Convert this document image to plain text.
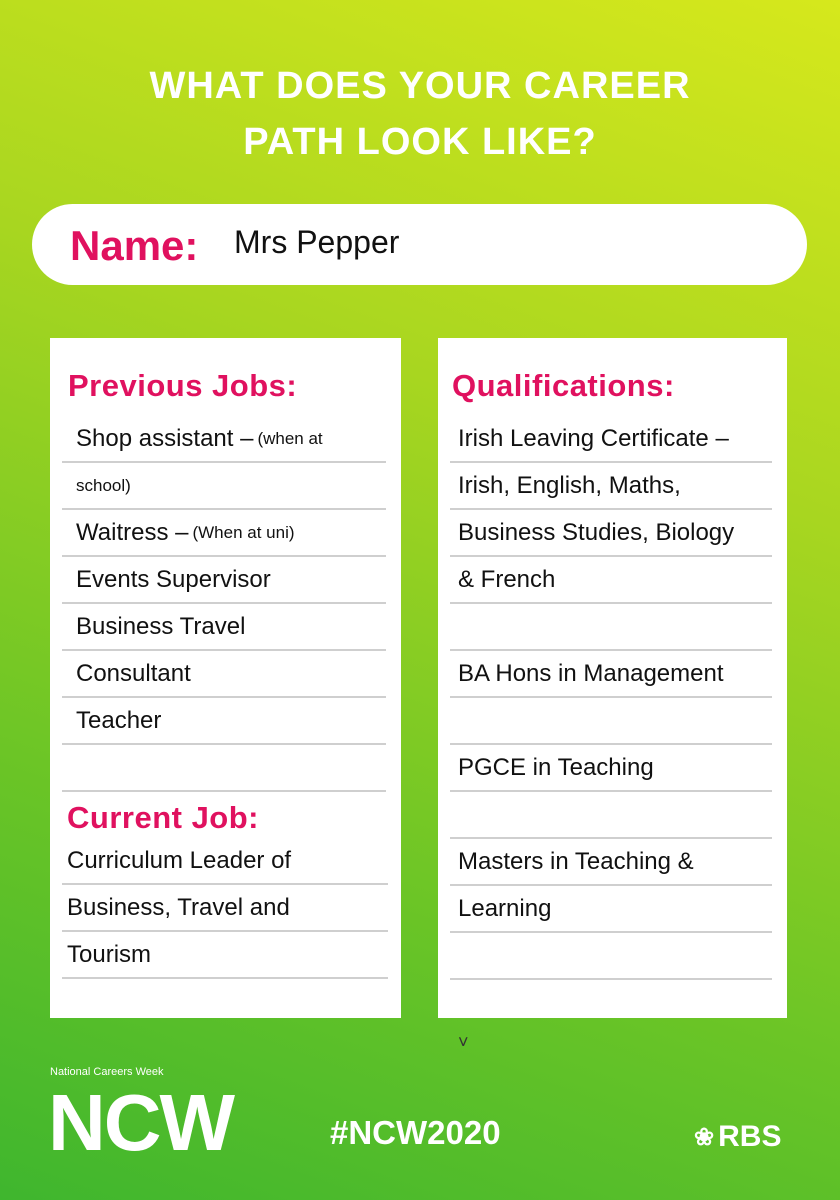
WHAT DOES YOUR CAREER
PATH LOOK LIKE?
Name: Mrs Pepper
Previous Jobs:
Shop assistant – (when at
school)
Waitress – (When at uni)
Events Supervisor
Business Travel
Consultant
Teacher
Current Job:
Curriculum Leader of
Business, Travel and
Tourism
Qualifications:
Irish Leaving Certificate –
Irish, English, Maths,
Business Studies, Biology
& French
BA Hons in Management
PGCE in Teaching
Masters in Teaching &
Learning
˅
National Careers Week
NCW	#NCW2020	❀ RBS
